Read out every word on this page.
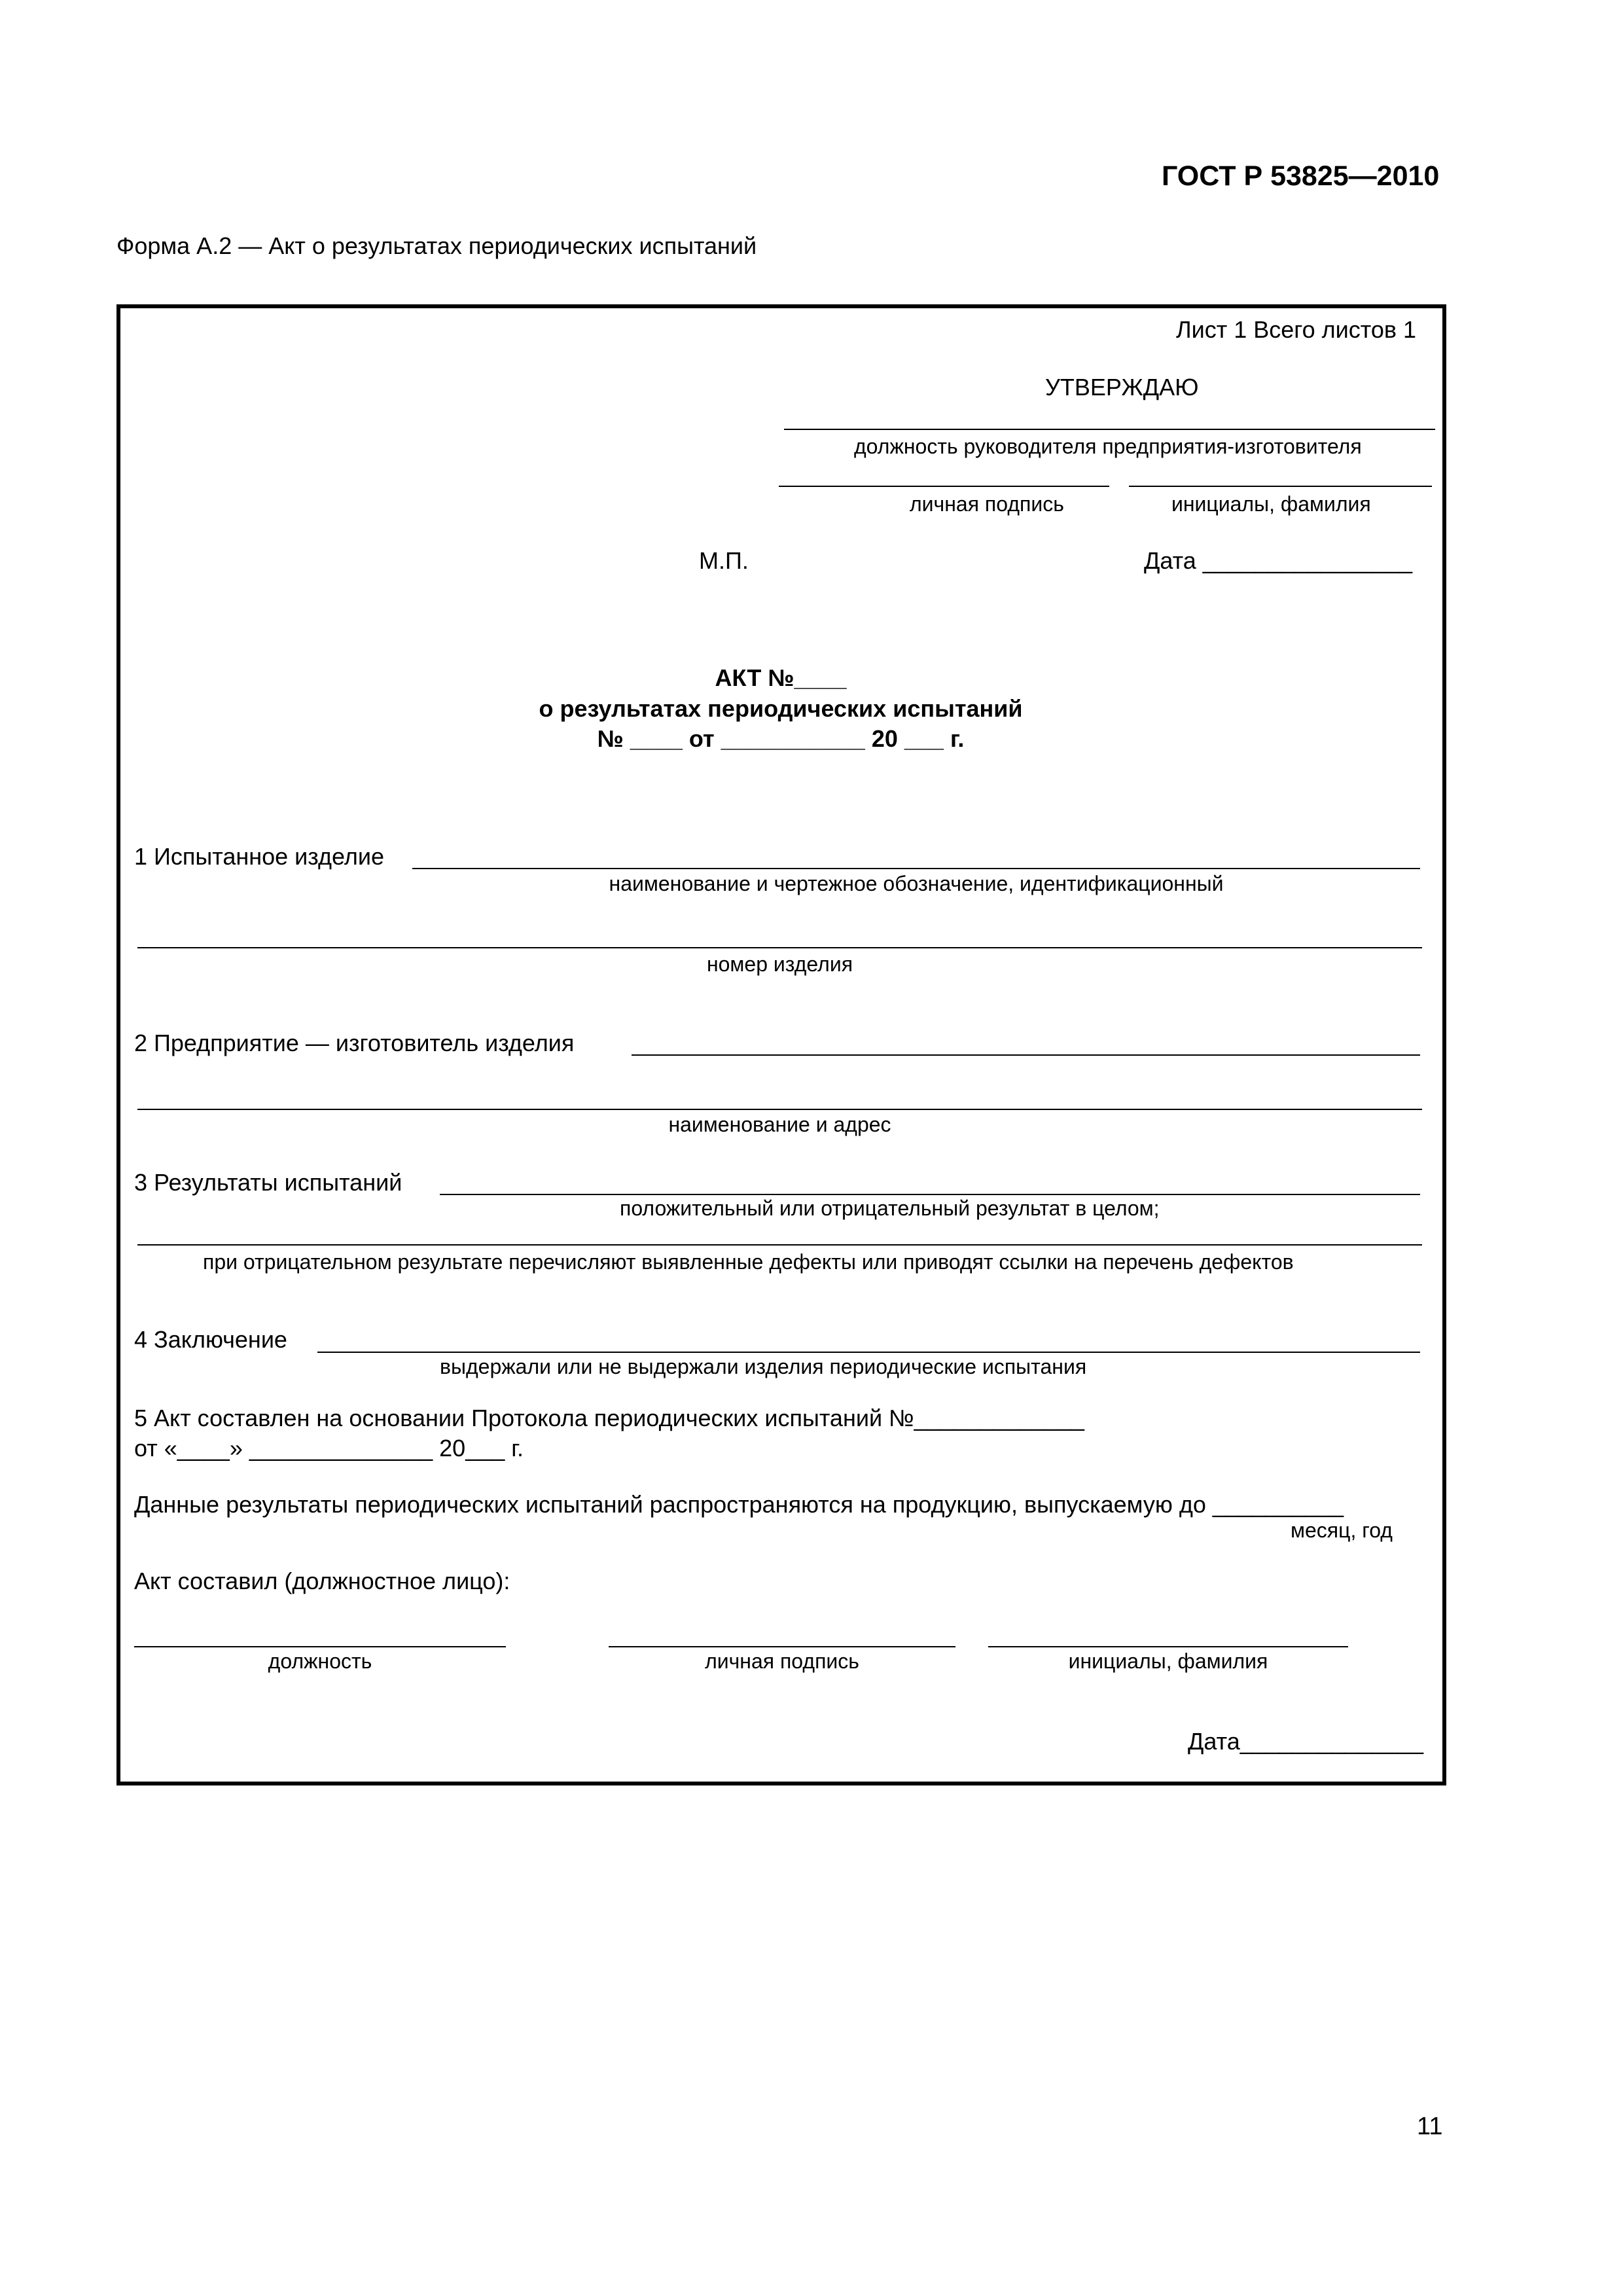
ГОСТ Р 53825—2010
Форма А.2 — Акт о результатах периодических испытаний
Лист 1 Всего листов 1
УТВЕРЖДАЮ
должность руководителя предприятия-изготовителя
личная подпись	инициалы, фамилия
М.П.	Дата ________________
АКТ №____
о результатах периодических испытаний
№ ____ от ___________ 20 ___ г.
1 Испытанное изделие
наименование и чертежное обозначение, идентификационный
номер изделия
2 Предприятие — изготовитель изделия
наименование и адрес
3 Результаты испытаний
положительный или отрицательный результат в целом;
при отрицательном результате перечисляют выявленные дефекты или приводят ссылки на перечень дефектов
4 Заключение
выдержали или не выдержали изделия периодические испытания
5 Акт составлен на основании Протокола периодических испытаний №_____________
от «____» ______________ 20___ г.
Данные результаты периодических испытаний распространяются на продукцию, выпускаемую до __________
месяц, год
Акт составил (должностное лицо):
должность	личная подпись	инициалы, фамилия
Дата______________
11
